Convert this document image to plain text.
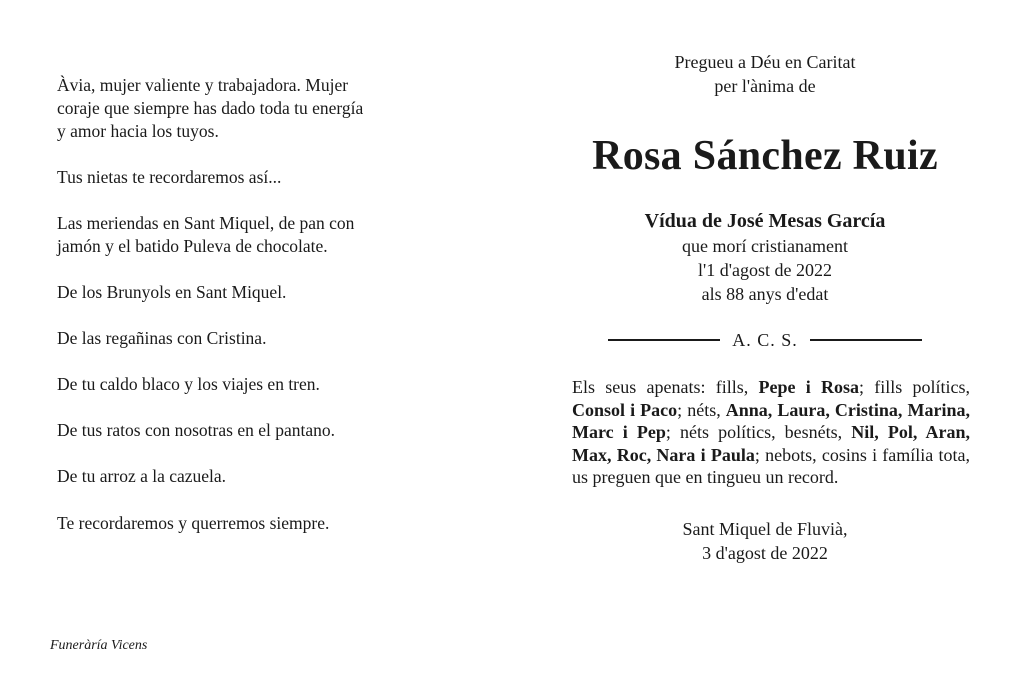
Àvia, mujer valiente y trabajadora. Mujer
coraje que siempre has dado toda tu energía
y amor hacia los tuyos.

Tus nietas te recordaremos así...

Las meriendas en Sant Miquel, de pan con
jamón y el batido Puleva de chocolate.

De los Brunyols en Sant Miquel.

De las regañinas con Cristina.

De tu caldo blaco y los viajes en tren.

De tus ratos con nosotras en el pantano.

De tu arroz a la cazuela.

Te recordaremos y querremos siempre.

Funeràría Vicens

Pregueu a Déu en Caritat

per l'ànima de

Rosa Sánchez Ruiz

Vídua de José Mesas García

que morí cristianament

l'1 d'agost de 2022

als 88 anys d'edat

A. C. S.

Els seus apenats: fills, Pepe i Rosa; fills polítics, Consol i Paco; néts, Anna, Laura, Cristina, Marina, Marc i Pep; néts polítics, besnéts, Nil, Pol, Aran, Max, Roc, Nara i Paula; nebots, cosins i família tota, us preguen que en tingueu un record.

Sant Miquel de Fluvià,

3 d'agost de 2022
